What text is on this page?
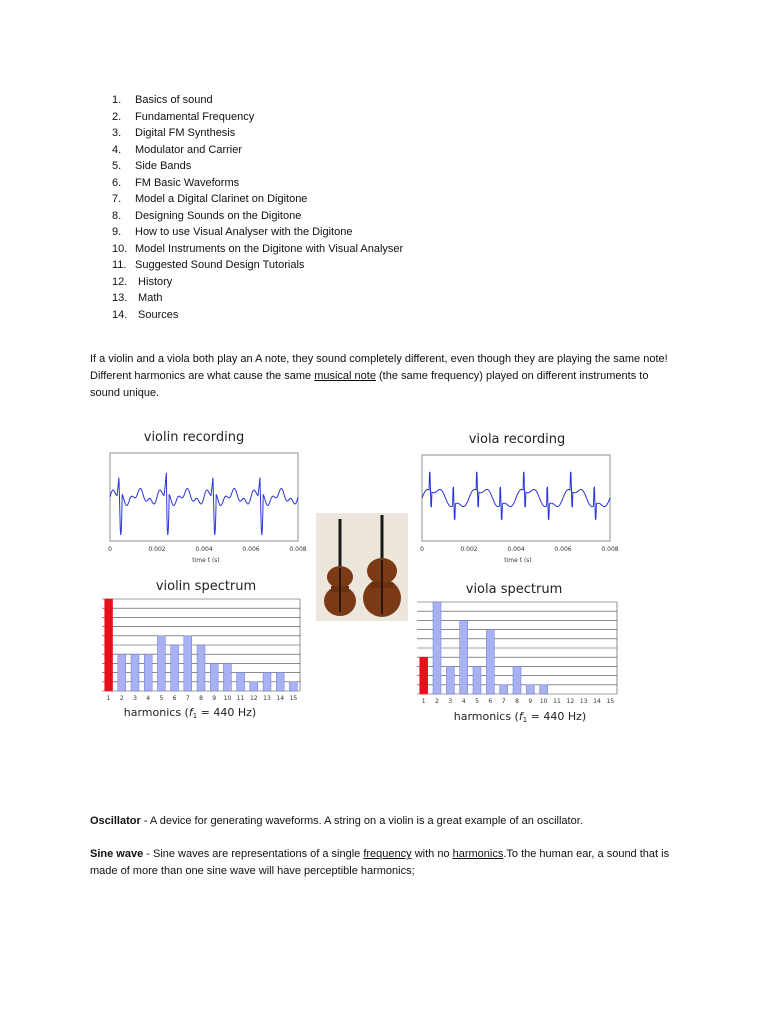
1.	Basics of sound
2.	Fundamental Frequency
3.	Digital FM Synthesis
4.	Modulator and Carrier
5.	Side Bands
6.	FM Basic Waveforms
7.	Model a Digital Clarinet on Digitone
8.	Designing Sounds on the Digitone
9.	How to use Visual Analyser with the Digitone
10. Model Instruments on the Digitone with Visual Analyser
11. Suggested Sound Design Tutorials
12. History
13. Math
14. Sources

If a violin and a viola both play an A note, they sound completely different, even though they are playing the same note! Different harmonics are what cause the same musical note (the same frequency) played on different instruments to sound unique.

violin recording	viola recording
violin spectrum	viola spectrum
0	0.002	0.004	0.006	0.008	0	0.002	0.004	0.006	0.008
time t (s)	time t (s)
1 2 3 4 5 6 7 8 9 10 11 12 13 14 15	1 2 3 4 5 6 7 8 9 10 11 12 13 14 15
harmonics (f1 = 440 Hz)	harmonics (f1 = 440 Hz)

Oscillator - A device for generating waveforms. A string on a violin is a great example of an oscillator.

Sine wave - Sine waves are representations of a single frequency with no harmonics.To the human ear, a sound that is made of more than one sine wave will have perceptible harmonics;
